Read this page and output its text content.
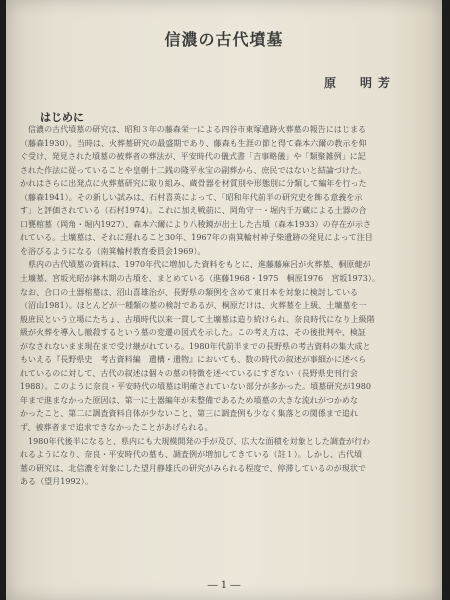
信濃の古代墳墓
原　明芳
はじめに

信濃の古代墳墓の研究は、昭和３年の藤森栄一による四谷市東塚遺跡火葬墓の報告にはじまる

（藤森1930）。当時は、火葬墓研究の最盛期であり、藤森も生涯の節と得て森本六爾の教示を仰

ぐ受け、発見された墳墓の被葬者の葬法が、平安時代の儀式書「吉事略儀」や「類聚雑例」に記

された作法に従っていることや皇朝十二銭の隆平永宝の副葬から、庶民ではないと結論づけた。

かれはさらに出発点に火葬墓研究に取り組み、蔵骨器を材質別や形態別に分類して編年を行った

（藤森1941）。その新しい試みは、石村喜英によって、「昭和年代前半の研究史を飾る意義を示

す」と評価されている（石村1974）。これに加え戦前に、岡角守一・堀内千万蔵による土器の合

口甕棺墓（岡角・堀内1927）、森本六爾により八稜鏡が出土した古墳（森本1933）の存在が示さ

れている。土壙墓は、それに遅れること30年、1967年の南箕輪村神子柴遺跡の発見によって注目

を浴びるようになる（南箕輪村教育委員会1969）。

県内の古代墳墓の資料は、1970年代に増加した資料をもとに、進藤藤麻呂が火葬墓、桐原健が

土壙墓、宮坂光昭が鉢木期の古墳を、まとめている（進藤1968・1975　桐原1976　宮坂1973）。

なお、合口の土器棺墓は、沼山喜雄治が、長野県の類例を含めて東日本を対象に検討している

（沼山1981）。ほとんどが一種類の墓の検討であるが、桐原だけは、火葬墓を上級、土壙墓を一

般庶民という立場にたちょ、古墳時代以来一貫して土壙墓は造り続けられ、奈良時代になり上級階

級が火葬を導入し撤殺するという墓の変遷の図式を示した。この考え方は、その後批判や、検証

がなされないまま現在まで受け継がれている。1980年代前半までの長野県の考古資料の集大成と

もいえる『長野県史　考古資料編　遺構・遺物』においても、数の時代の叙述が事細かに述べら

れているのに対して、古代の叙述は個々の墓の特徴を述べているにすぎない（長野県史刊行会

1988）。このように奈良・平安時代の墳墓は明確されていない部分が多かった。墳墓研究が1980

年まで進まなかった原因は、第一に土器編年が未整備であるため墳墓の大きな流れがつかめな

かったこと、第二に調査資料自体が少ないこと、第三に調査例も少なく集落との関係まで追れ

ず、被葬者まで追求できなかったことがあげられる。

1980年代後半になると、県内にも大規模開発の手が及び、広大な面積を対象とした調査が行わ

れるようになり、奈良・平安時代の墓も、調査例が増加してきている（註１）。しかし、古代墳

墓の研究は、北信濃を対象にした望月静雄氏の研究がみられる程度で、停滞しているのが現状で

ある（望月1992）。

― 1 ―
